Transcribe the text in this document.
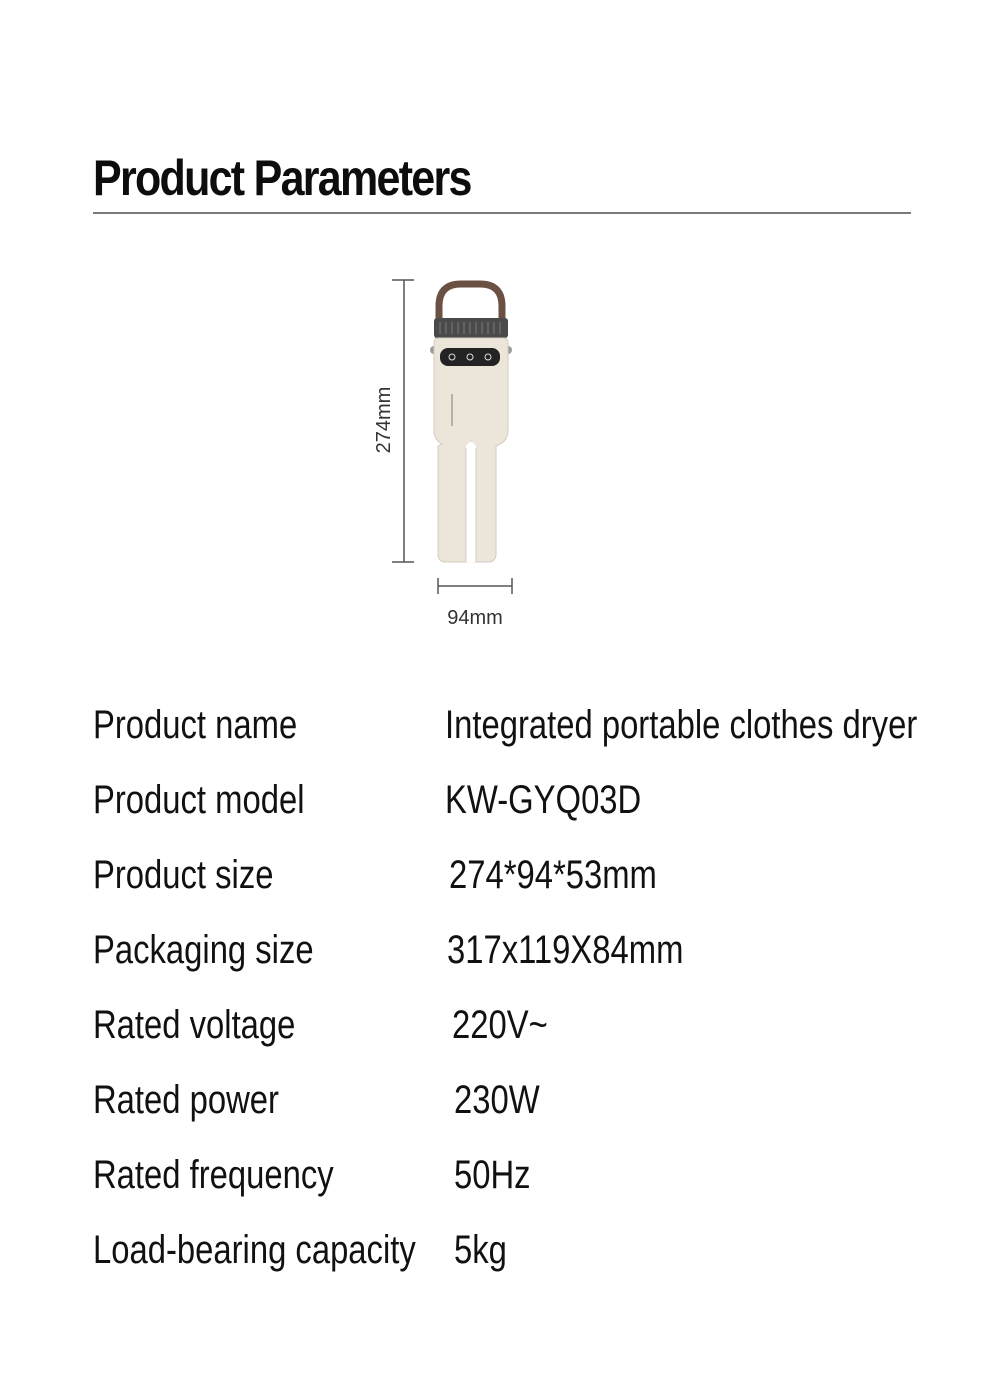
Product Parameters
274mm
94mm
Product name	Integrated portable clothes dryer
Product model	KW-GYQ03D
Product size	274*94*53mm
Packaging size	317x119X84mm
Rated voltage	220V~
Rated power	230W
Rated frequency	50Hz
Load-bearing capacity 5kg
